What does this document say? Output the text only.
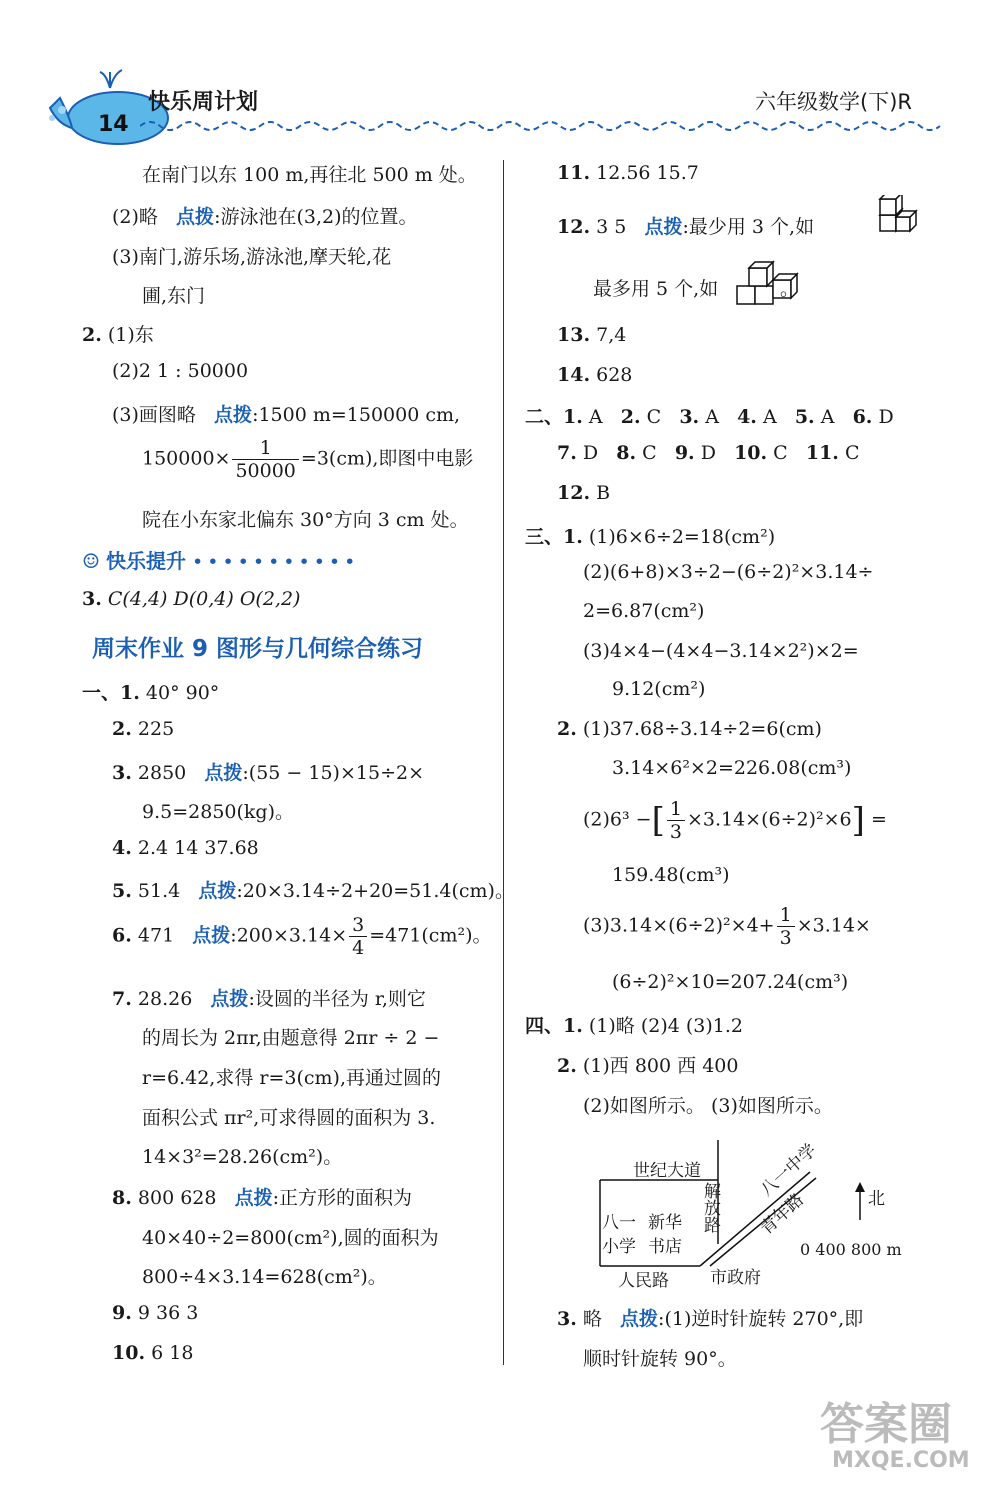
14
快乐周计划	六年级数学(下)R
在南门以东 100 m,再往北 500 m 处。
(2)略 点拨:游泳池在(3,2)的位置。
(3)南门,游乐场,游泳池,摩天轮,花
圃,东门
2. (1)东
(2)2 1 : 50000
(3)画图略 点拨:1500 m=150000 cm,
$150000\times \frac{1}{50000} =3(cm)$,即图中电影
院在小东家北偏东 30°方向 3 cm 处。
☺ 快乐提升 •••••••••••
3. C(4,4) D(0,4) O(2,2)
周末作业 9 图形与几何综合练习
一、1. 40° 90°
2. 225
3. 2850 点拨:(55 − 15)×15÷2×
9.5=2850(kg)。
4. 2.4 14 37.68
5. 51.4 点拨:20×3.14÷2+20=51.4(cm)。
6. 471 点拨:200×3.14× $\frac{3}{4} =471(cm^2)$。
7. 28.26 点拨:设圆的半径为 r,则它
的周长为 2πr,由题意得 2πr ÷ 2 −
r=6.42,求得 r=3(cm),再通过圆的
面积公式 πr²,可求得圆的面积为 3.
14×3²=28.26(cm²)。
8. 800 628 点拨:正方形的面积为
40×40÷2=800(cm²),圆的面积为
800÷4×3.14=628(cm²)。
9. 9 36 3
10. 6 18
11. 12.56 15.7
12. 3 5 点拨:最少用 3 个,如
最多用 5 个,如	。
13. 7,4
14. 628
二、1. A 2. C 3. A 4. A 5. A 6. D
7. D 8. C 9. D 10. C 11. C
12. B
三、1. (1)6×6÷2=18(cm²)
(2)(6+8)×3÷2−(6÷2)²×3.14÷
2=6.87(cm²)
(3)4×4−(4×4−3.14×2²)×2=
9.12(cm²)
2. (1)37.68÷3.14÷2=6(cm)
3.14×6²×2=226.08(cm³)
(2)6³ −[ $\frac{1}{3} \times 3.14\times(6\div 2)^2\times 6$] =
159.48(cm³)
$(3)3.14\times(6\div 2)^2\times 4+ \frac{1}{3} \times 3.14\times$
(6÷2)²×10=207.24(cm³)
四、1. (1)略 (2)4 (3)1.2
2. (1)西 800 西 400
(2)如图所示。 (3)如图所示。
世纪大道	八一中学
解放路 青年路
八一
小学
新华
书店
人民路 市政府
北
0 400 800 m
3. 略 点拨:(1)逆时针旋转 270°,即
顺时针旋转 90°。
答案圈
MXQE.COM
